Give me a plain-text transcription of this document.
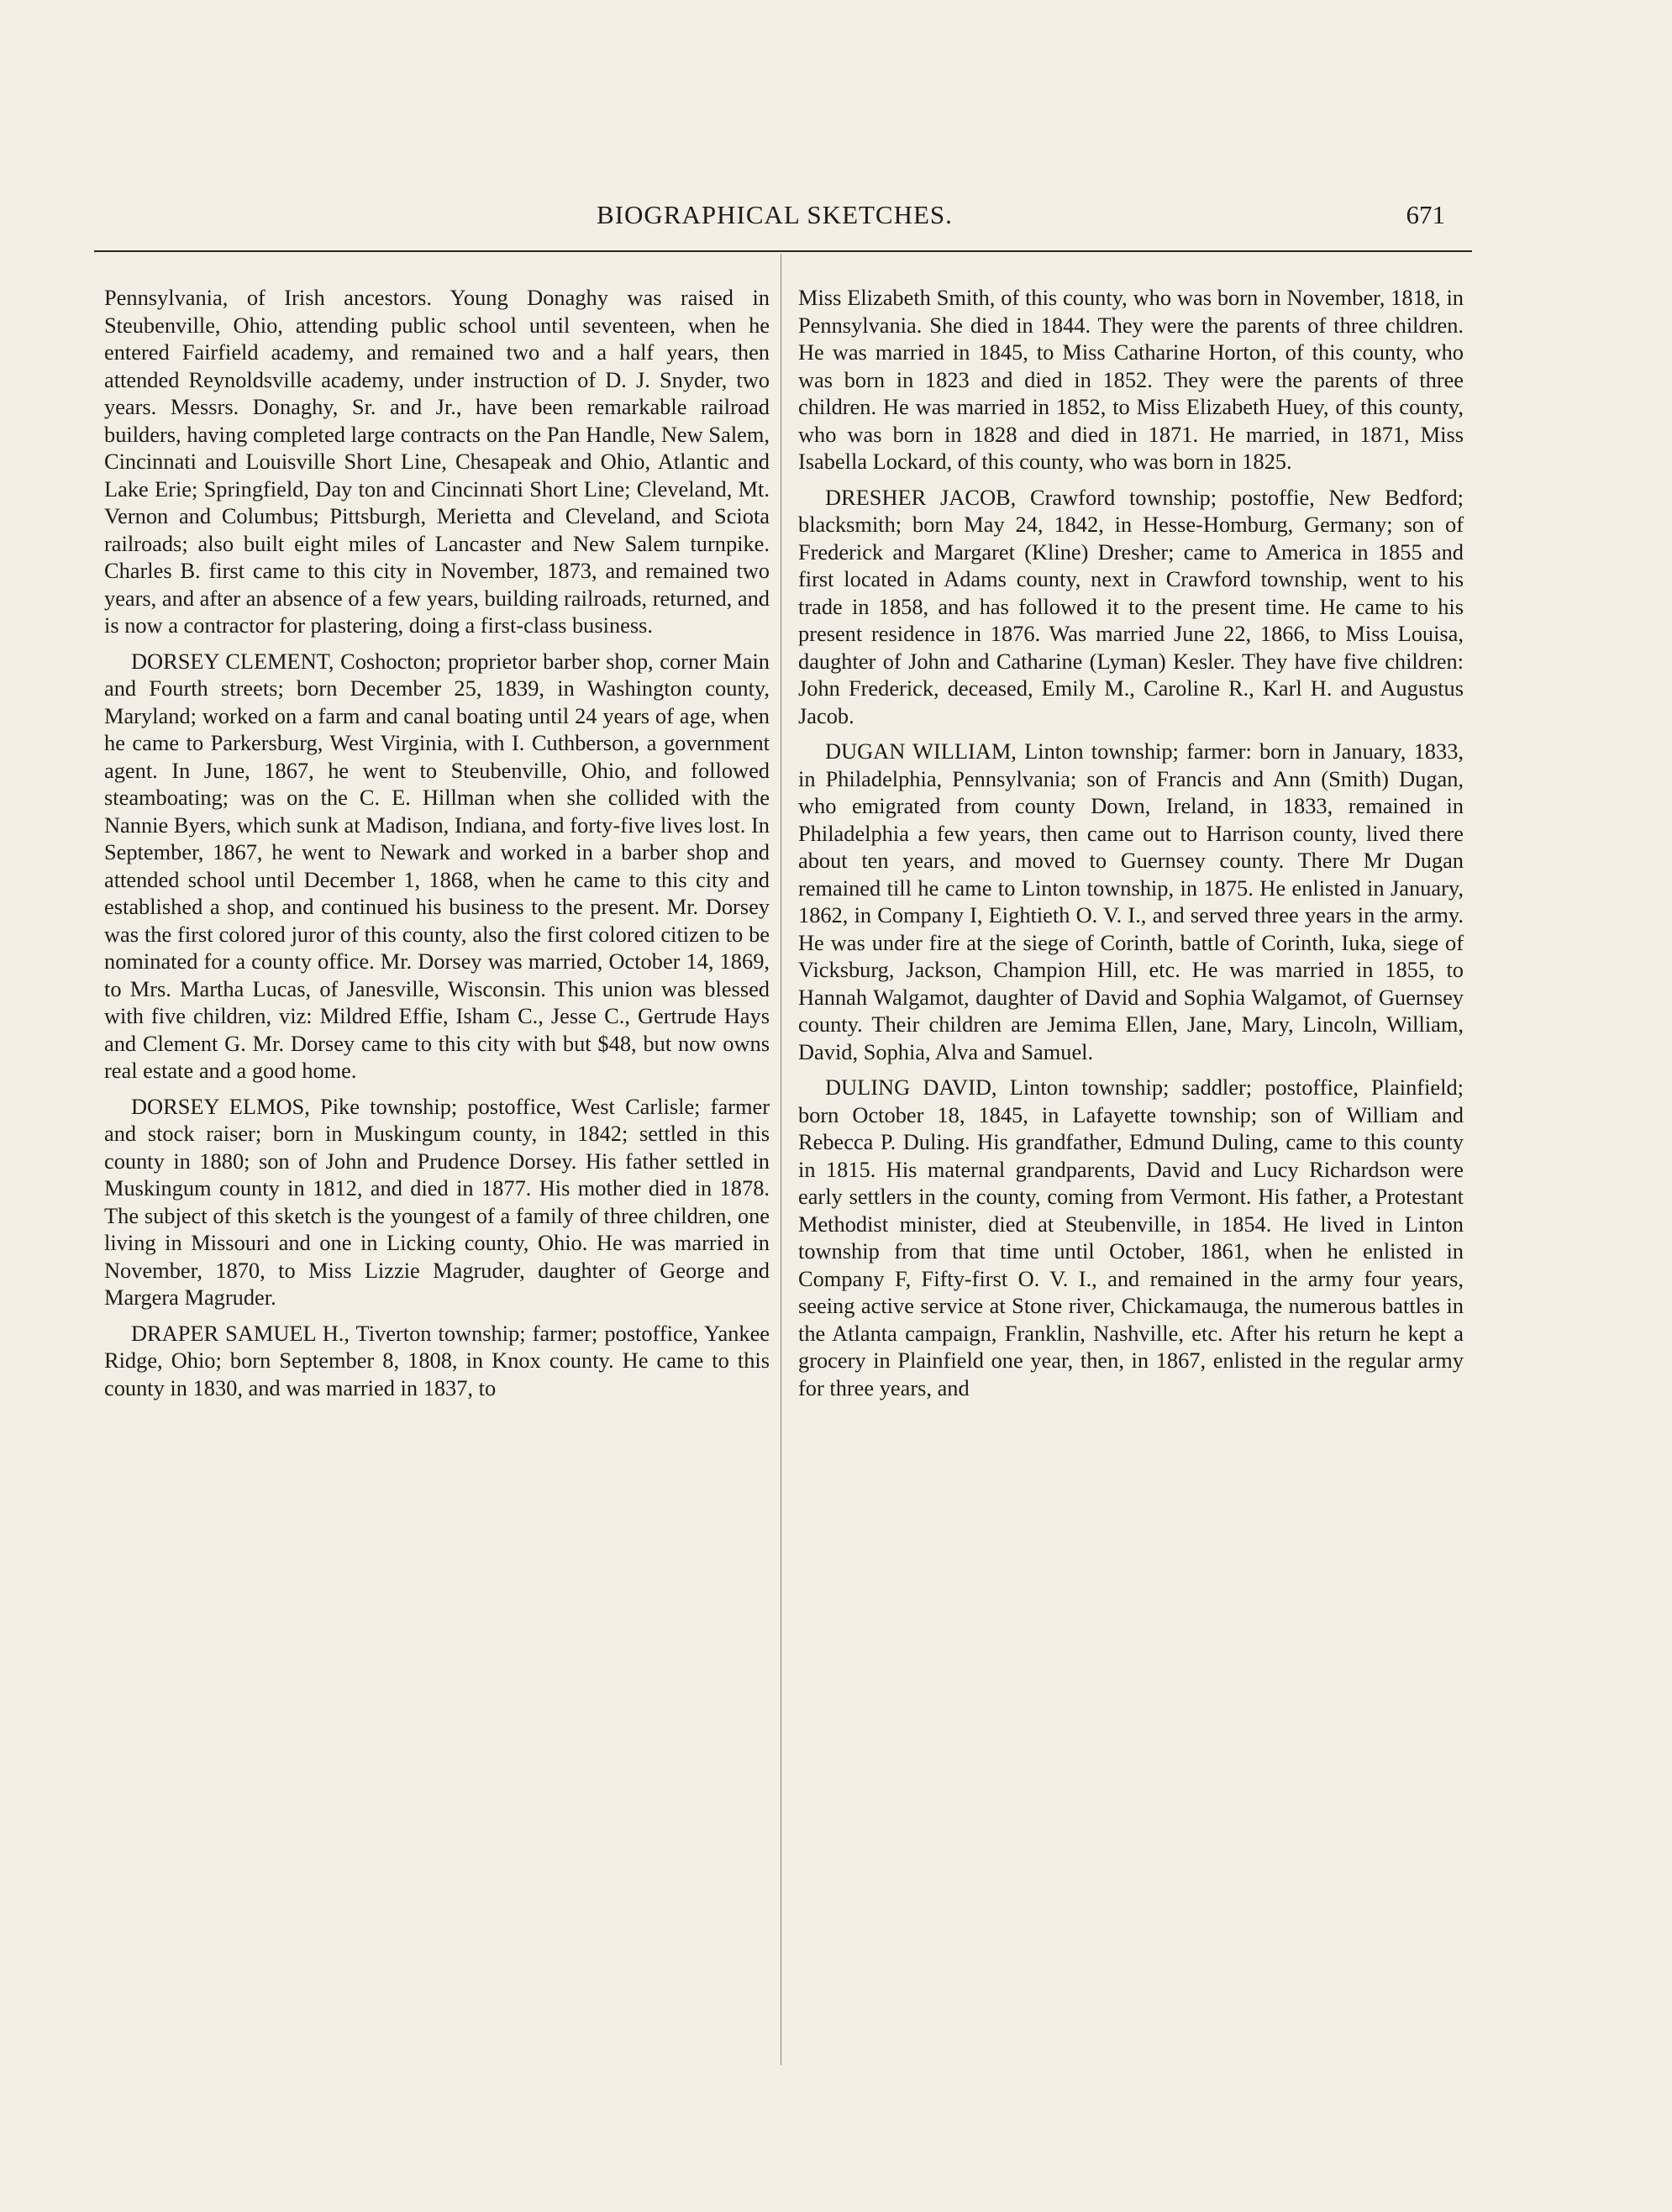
BIOGRAPHICAL SKETCHES.	671

Pennsylvania, of Irish ancestors. Young Donaghy was raised in Steubenville, Ohio, attending public school until seventeen, when he entered Fairfield academy, and remained two and a half years, then attended Reynoldsville academy, under instruction of D. J. Snyder, two years. Messrs. Donaghy, Sr. and Jr., have been remarkable railroad builders, having completed large contracts on the Pan Handle, New Salem, Cincinnati and Louisville Short Line, Chesapeak and Ohio, Atlantic and Lake Erie; Springfield, Day ton and Cincinnati Short Line; Cleveland, Mt. Vernon and Columbus; Pittsburgh, Merietta and Cleveland, and Sciota railroads; also built eight miles of Lancaster and New Salem turnpike. Charles B. first came to this city in November, 1873, and remained two years, and after an absence of a few years, building railroads, returned, and is now a contractor for plastering, doing a first-class business.

DORSEY CLEMENT, Coshocton; proprietor barber shop, corner Main and Fourth streets; born December 25, 1839, in Washington county, Maryland; worked on a farm and canal boating until 24 years of age, when he came to Parkersburg, West Virginia, with I. Cuthberson, a government agent. In June, 1867, he went to Steubenville, Ohio, and followed steamboating; was on the C. E. Hillman when she collided with the Nannie Byers, which sunk at Madison, Indiana, and forty-five lives lost. In September, 1867, he went to Newark and worked in a barber shop and attended school until December 1, 1868, when he came to this city and established a shop, and continued his business to the present. Mr. Dorsey was the first colored juror of this county, also the first colored citizen to be nominated for a county office. Mr. Dorsey was married, October 14, 1869, to Mrs. Martha Lucas, of Janesville, Wisconsin. This union was blessed with five children, viz: Mildred Effie, Isham C., Jesse C., Gertrude Hays and Clement G. Mr. Dorsey came to this city with but $48, but now owns real estate and a good home.

DORSEY ELMOS, Pike township; postoffice, West Carlisle; farmer and stock raiser; born in Muskingum county, in 1842; settled in this county in 1880; son of John and Prudence Dorsey. His father settled in Muskingum county in 1812, and died in 1877. His mother died in 1878. The subject of this sketch is the youngest of a family of three children, one living in Missouri and one in Licking county, Ohio. He was married in November, 1870, to Miss Lizzie Magruder, daughter of George and Margera Magruder.

DRAPER SAMUEL H., Tiverton township; farmer; postoffice, Yankee Ridge, Ohio; born September 8, 1808, in Knox county. He came to this county in 1830, and was married in 1837, to

Miss Elizabeth Smith, of this county, who was born in November, 1818, in Pennsylvania. She died in 1844. They were the parents of three children. He was married in 1845, to Miss Catharine Horton, of this county, who was born in 1823 and died in 1852. They were the parents of three children. He was married in 1852, to Miss Elizabeth Huey, of this county, who was born in 1828 and died in 1871. He married, in 1871, Miss Isabella Lockard, of this county, who was born in 1825.

DRESHER JACOB, Crawford township; postoffie, New Bedford; blacksmith; born May 24, 1842, in Hesse-Homburg, Germany; son of Frederick and Margaret (Kline) Dresher; came to America in 1855 and first located in Adams county, next in Crawford township, went to his trade in 1858, and has followed it to the present time. He came to his present residence in 1876. Was married June 22, 1866, to Miss Louisa, daughter of John and Catharine (Lyman) Kesler. They have five children: John Frederick, deceased, Emily M., Caroline R., Karl H. and Augustus Jacob.

DUGAN WILLIAM, Linton township; farmer: born in January, 1833, in Philadelphia, Pennsylvania; son of Francis and Ann (Smith) Dugan, who emigrated from county Down, Ireland, in 1833, remained in Philadelphia a few years, then came out to Harrison county, lived there about ten years, and moved to Guernsey county. There Mr Dugan remained till he came to Linton township, in 1875. He enlisted in January, 1862, in Company I, Eightieth O. V. I., and served three years in the army. He was under fire at the siege of Corinth, battle of Corinth, Iuka, siege of Vicksburg, Jackson, Champion Hill, etc. He was married in 1855, to Hannah Walgamot, daughter of David and Sophia Walgamot, of Guernsey county. Their children are Jemima Ellen, Jane, Mary, Lincoln, William, David, Sophia, Alva and Samuel.

DULING DAVID, Linton township; saddler; postoffice, Plainfield; born October 18, 1845, in Lafayette township; son of William and Rebecca P. Duling. His grandfather, Edmund Duling, came to this county in 1815. His maternal grandparents, David and Lucy Richardson were early settlers in the county, coming from Vermont. His father, a Protestant Methodist minister, died at Steubenville, in 1854. He lived in Linton township from that time until October, 1861, when he enlisted in Company F, Fifty-first O. V. I., and remained in the army four years, seeing active service at Stone river, Chickamauga, the numerous battles in the Atlanta campaign, Franklin, Nashville, etc. After his return he kept a grocery in Plainfield one year, then, in 1867, enlisted in the regular army for three years, and
